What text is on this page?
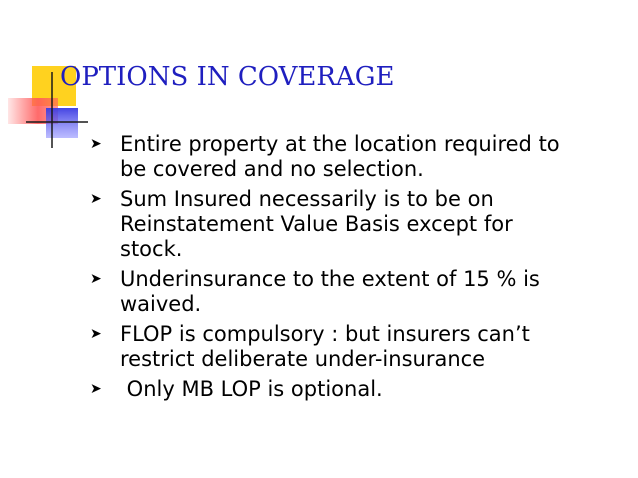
OPTIONS IN COVERAGE
➤ Entire property at the location required to be covered and no selection.
➤ Sum Insured necessarily is to be on Reinstatement Value Basis except for stock.
➤ Underinsurance to the extent of 15 % is waived.
➤ FLOP is compulsory : but insurers can’t restrict deliberate under-insurance
➤ Only MB LOP is optional.
